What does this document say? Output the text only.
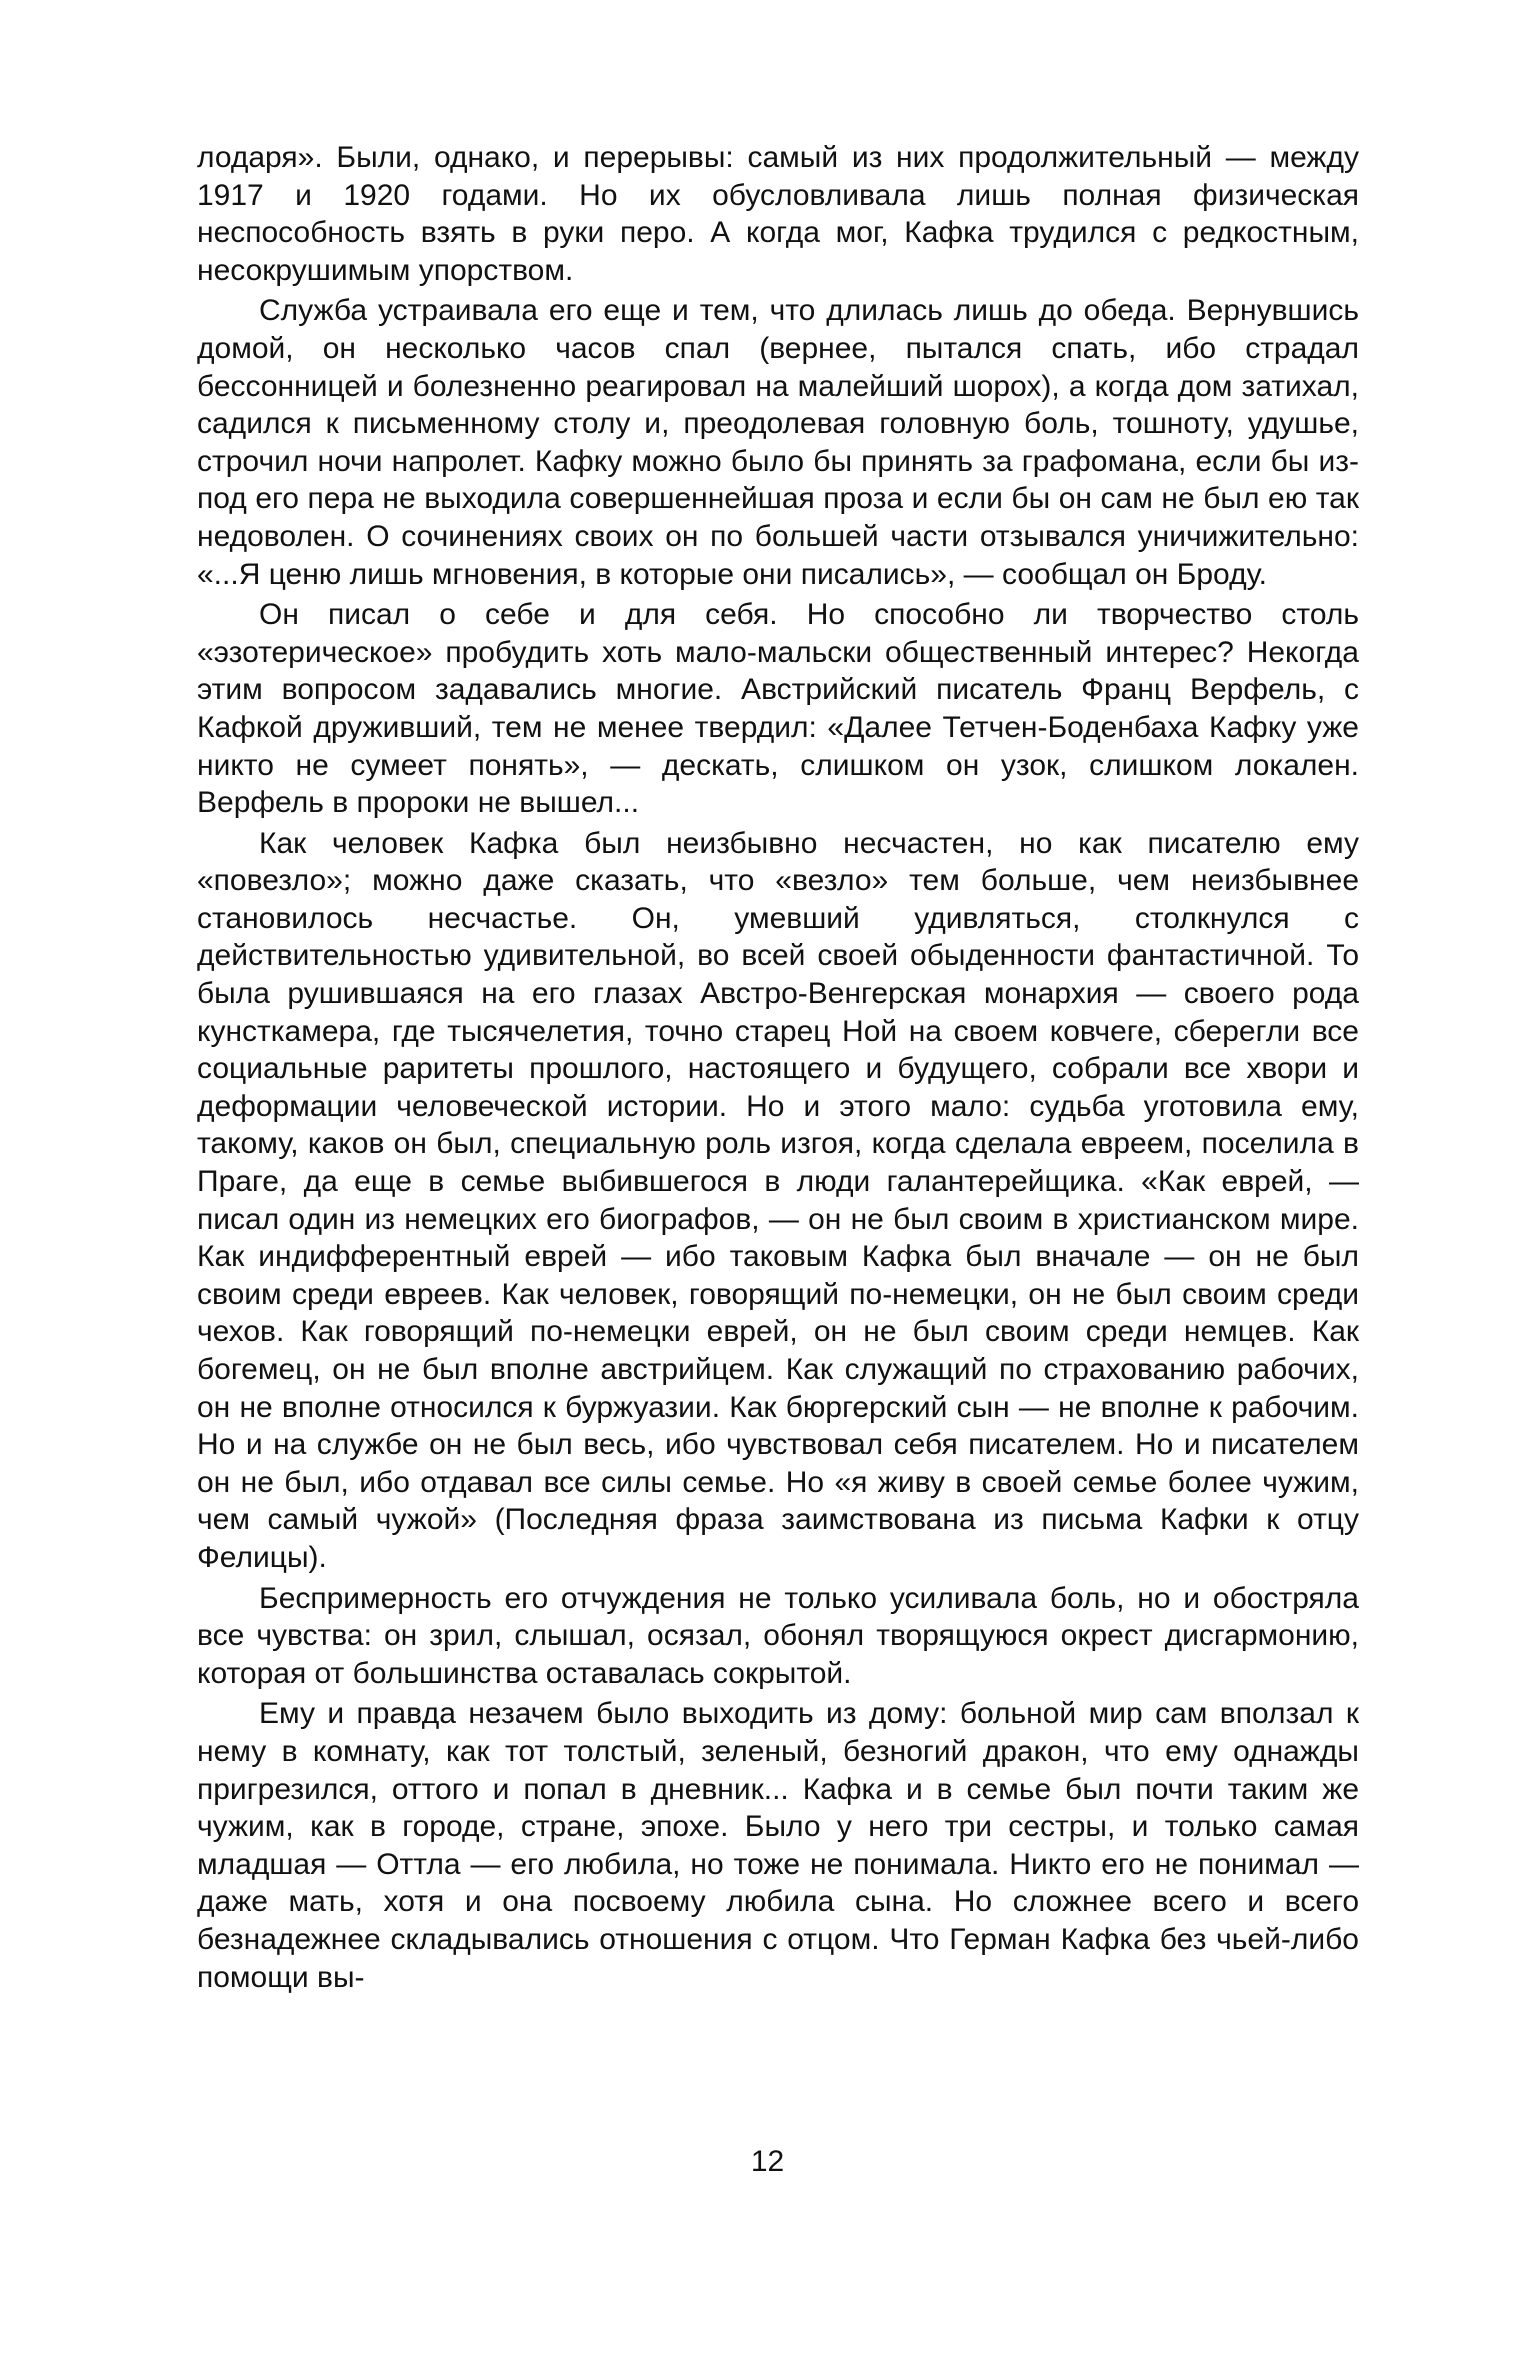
лодаря». Были, однако, и перерывы: самый из них продолжительный — между 1917 и 1920 годами. Но их обусловливала лишь полная физическая неспособность взять в руки перо. А когда мог, Кафка трудился с редкостным, несокрушимым упорством.

Служба устраивала его еще и тем, что длилась лишь до обеда. Вернувшись домой, он несколько часов спал (вернее, пытался спать, ибо страдал бессонницей и болезненно реагировал на малейший шорох), а когда дом затихал, садился к письменному столу и, преодолевая головную боль, тошноту, удушье, строчил ночи напролет. Кафку можно было бы принять за графомана, если бы из-под его пера не выходила совершеннейшая проза и если бы он сам не был ею так недоволен. О сочинениях своих он по большей части отзывался уничижительно: «...Я ценю лишь мгновения, в которые они писались», — сообщал он Броду.

Он писал о себе и для себя. Но способно ли творчество столь «эзотерическое» пробудить хоть мало-мальски общественный интерес? Некогда этим вопросом задавались многие. Австрийский писатель Франц Верфель, с Кафкой друживший, тем не менее твердил: «Далее Тетчен-Боденбаха Кафку уже никто не сумеет понять», — дескать, слишком он узок, слишком локален. Верфель в пророки не вышел...

Как человек Кафка был неизбывно несчастен, но как писателю ему «повезло»; можно даже сказать, что «везло» тем больше, чем неизбывнее становилось несчастье. Он, умевший удивляться, столкнулся с действительностью удивительной, во всей своей обыденности фантастичной. То была рушившаяся на его глазах Австро-Венгерская монархия — своего рода кунсткамера, где тысячелетия, точно старец Ной на своем ковчеге, сберегли все социальные раритеты прошлого, настоящего и будущего, собрали все хвори и деформации человеческой истории. Но и этого мало: судьба уготовила ему, такому, каков он был, специальную роль изгоя, когда сделала евреем, поселила в Праге, да еще в семье выбившегося в люди галантерейщика. «Как еврей, — писал один из немецких его биографов, — он не был своим в христианском мире. Как индифферентный еврей — ибо таковым Кафка был вначале — он не был своим среди евреев. Как человек, говорящий по-немецки, он не был своим среди чехов. Как говорящий по-немецки еврей, он не был своим среди немцев. Как богемец, он не был вполне австрийцем. Как служащий по страхованию рабочих, он не вполне относился к буржуазии. Как бюргерский сын — не вполне к рабочим. Но и на службе он не был весь, ибо чувствовал себя писателем. Но и писателем он не был, ибо отдавал все силы семье. Но «я живу в своей семье более чужим, чем самый чужой» (Последняя фраза заимствована из письма Кафки к отцу Фелицы).

Беспримерность его отчуждения не только усиливала боль, но и обостряла все чувства: он зрил, слышал, осязал, обонял творящуюся окрест дисгармонию, которая от большинства оставалась сокрытой.

Ему и правда незачем было выходить из дому: больной мир сам вползал к нему в комнату, как тот толстый, зеленый, безногий дракон, что ему однажды пригрезился, оттого и попал в дневник... Кафка и в семье был почти таким же чужим, как в городе, стране, эпохе. Было у него три сестры, и только самая младшая — Оттла — его любила, но тоже не понимала. Никто его не понимал — даже мать, хотя и она посвоему любила сына. Но сложнее всего и всего безнадежнее складывались отношения с отцом. Что Герман Кафка без чьей-либо помощи вы-

12
